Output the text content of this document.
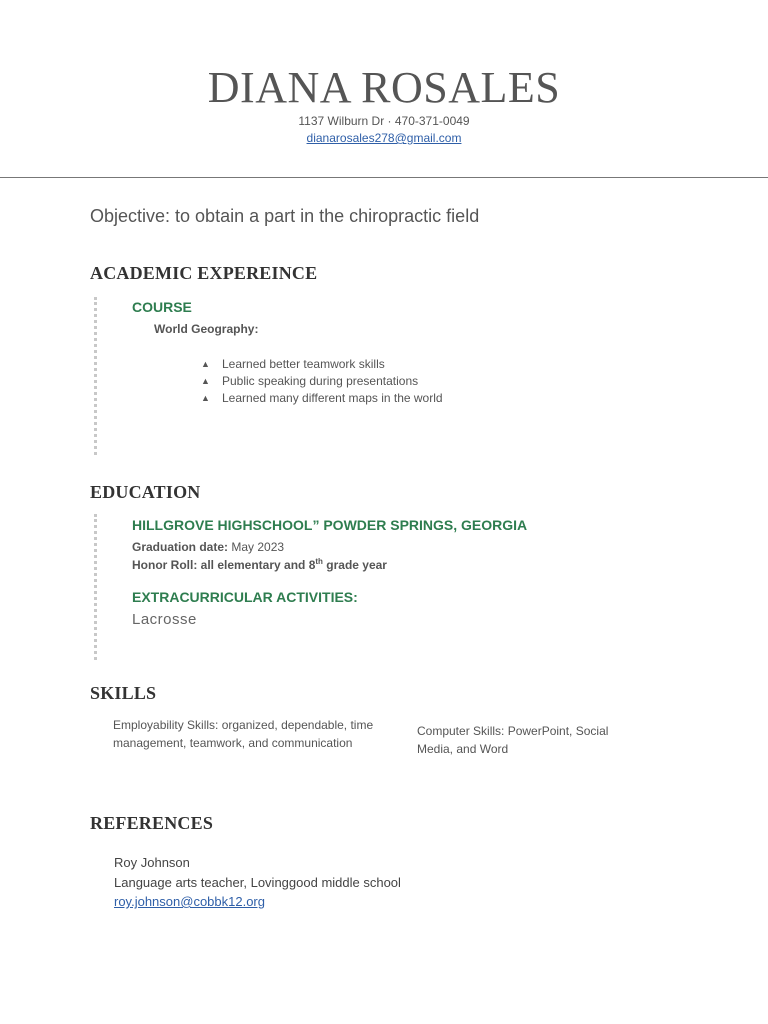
DIANA ROSALES
1137 Wilburn Dr · 470-371-0049
dianarosales278@gmail.com
Objective: to obtain a part in the chiropractic field
ACADEMIC EXPEREINCE
COURSE
World Geography:
▲ Learned better teamwork skills
▲ Public speaking during presentations
▲ Learned many different maps in the world
EDUCATION
HILLGROVE HIGHSCHOOL” POWDER SPRINGS, GEORGIA
Graduation date: May 2023
Honor Roll: all elementary and 8th grade year
EXTRACURRICULAR ACTIVITIES:
Lacrosse
SKILLS
Employability Skills: organized, dependable, time management, teamwork, and communication
Computer Skills: PowerPoint, Social Media, and Word
REFERENCES
Roy Johnson
Language arts teacher, Lovinggood middle school
roy.johnson@cobbk12.org
